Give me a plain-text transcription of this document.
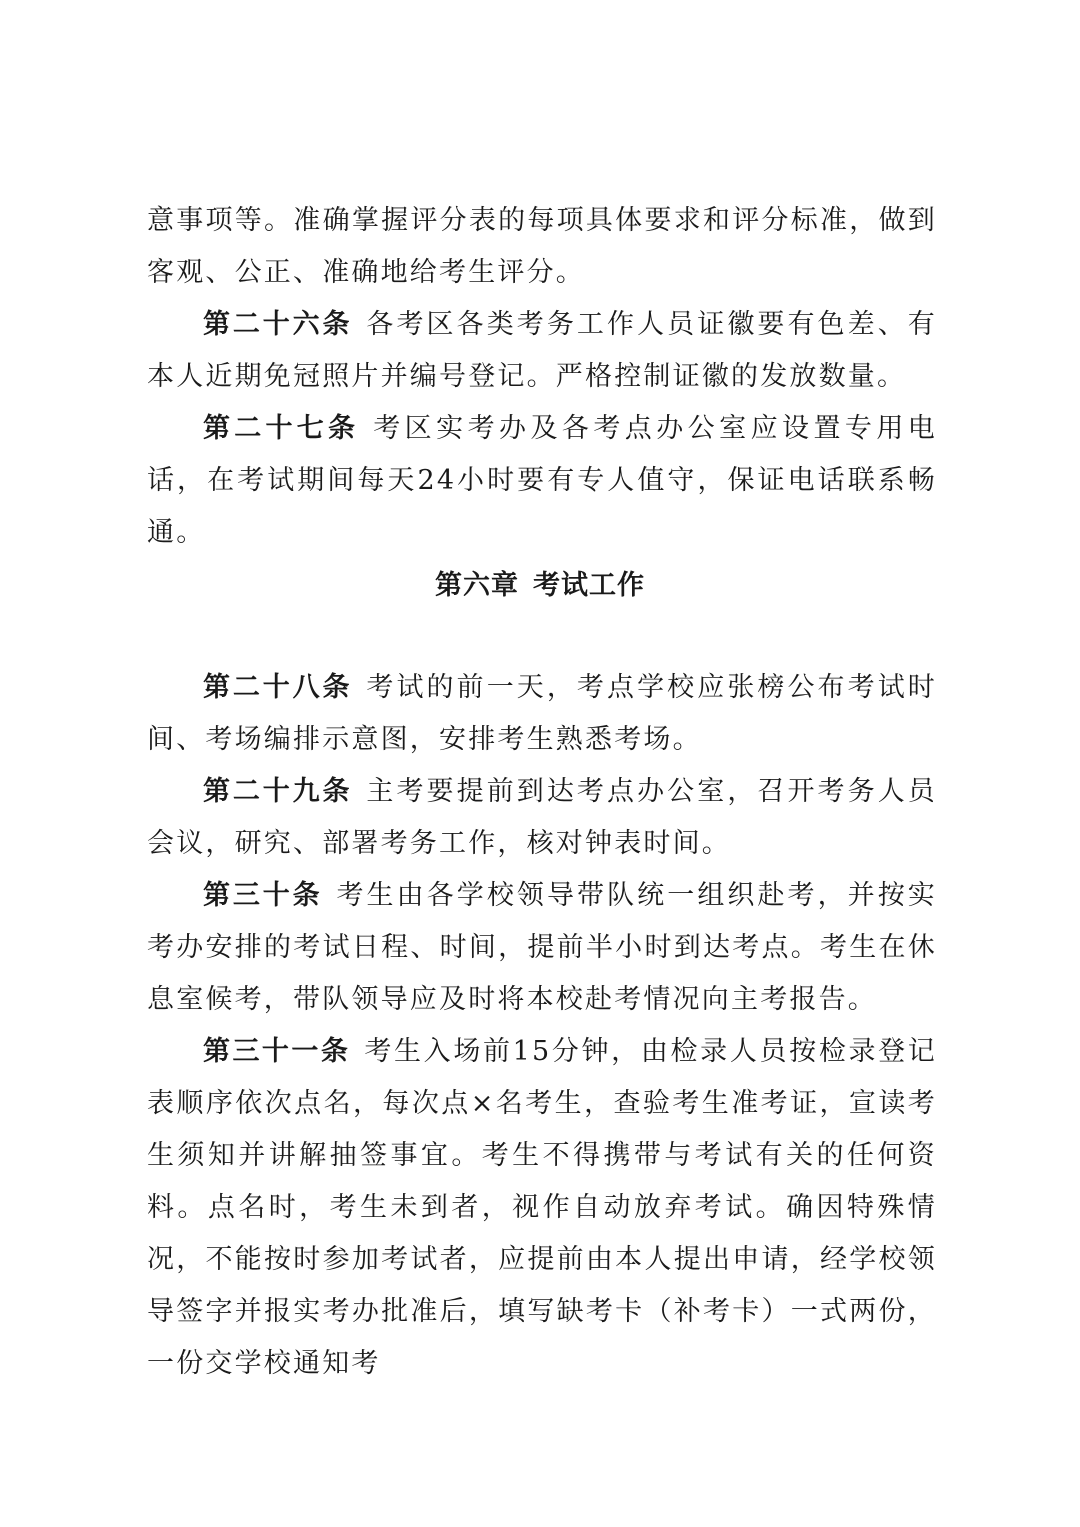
意事项等。准确掌握评分表的每项具体要求和评分标准，做到客观、公正、准确地给考生评分。

第二十六条 各考区各类考务工作人员证徽要有色差、有本人近期免冠照片并编号登记。严格控制证徽的发放数量。

第二十七条 考区实考办及各考点办公室应设置专用电话，在考试期间每天24小时要有专人值守，保证电话联系畅通。

第六章 考试工作

第二十八条 考试的前一天，考点学校应张榜公布考试时间、考场编排示意图，安排考生熟悉考场。

第二十九条 主考要提前到达考点办公室，召开考务人员会议，研究、部署考务工作，核对钟表时间。

第三十条 考生由各学校领导带队统一组织赴考，并按实考办安排的考试日程、时间，提前半小时到达考点。考生在休息室候考，带队领导应及时将本校赴考情况向主考报告。

第三十一条 考生入场前15分钟，由检录人员按检录登记表顺序依次点名，每次点×名考生，查验考生准考证，宣读考生须知并讲解抽签事宜。考生不得携带与考试有关的任何资料。点名时，考生未到者，视作自动放弃考试。确因特殊情况，不能按时参加考试者，应提前由本人提出申请，经学校领导签字并报实考办批准后，填写缺考卡（补考卡）一式两份，一份交学校通知考
